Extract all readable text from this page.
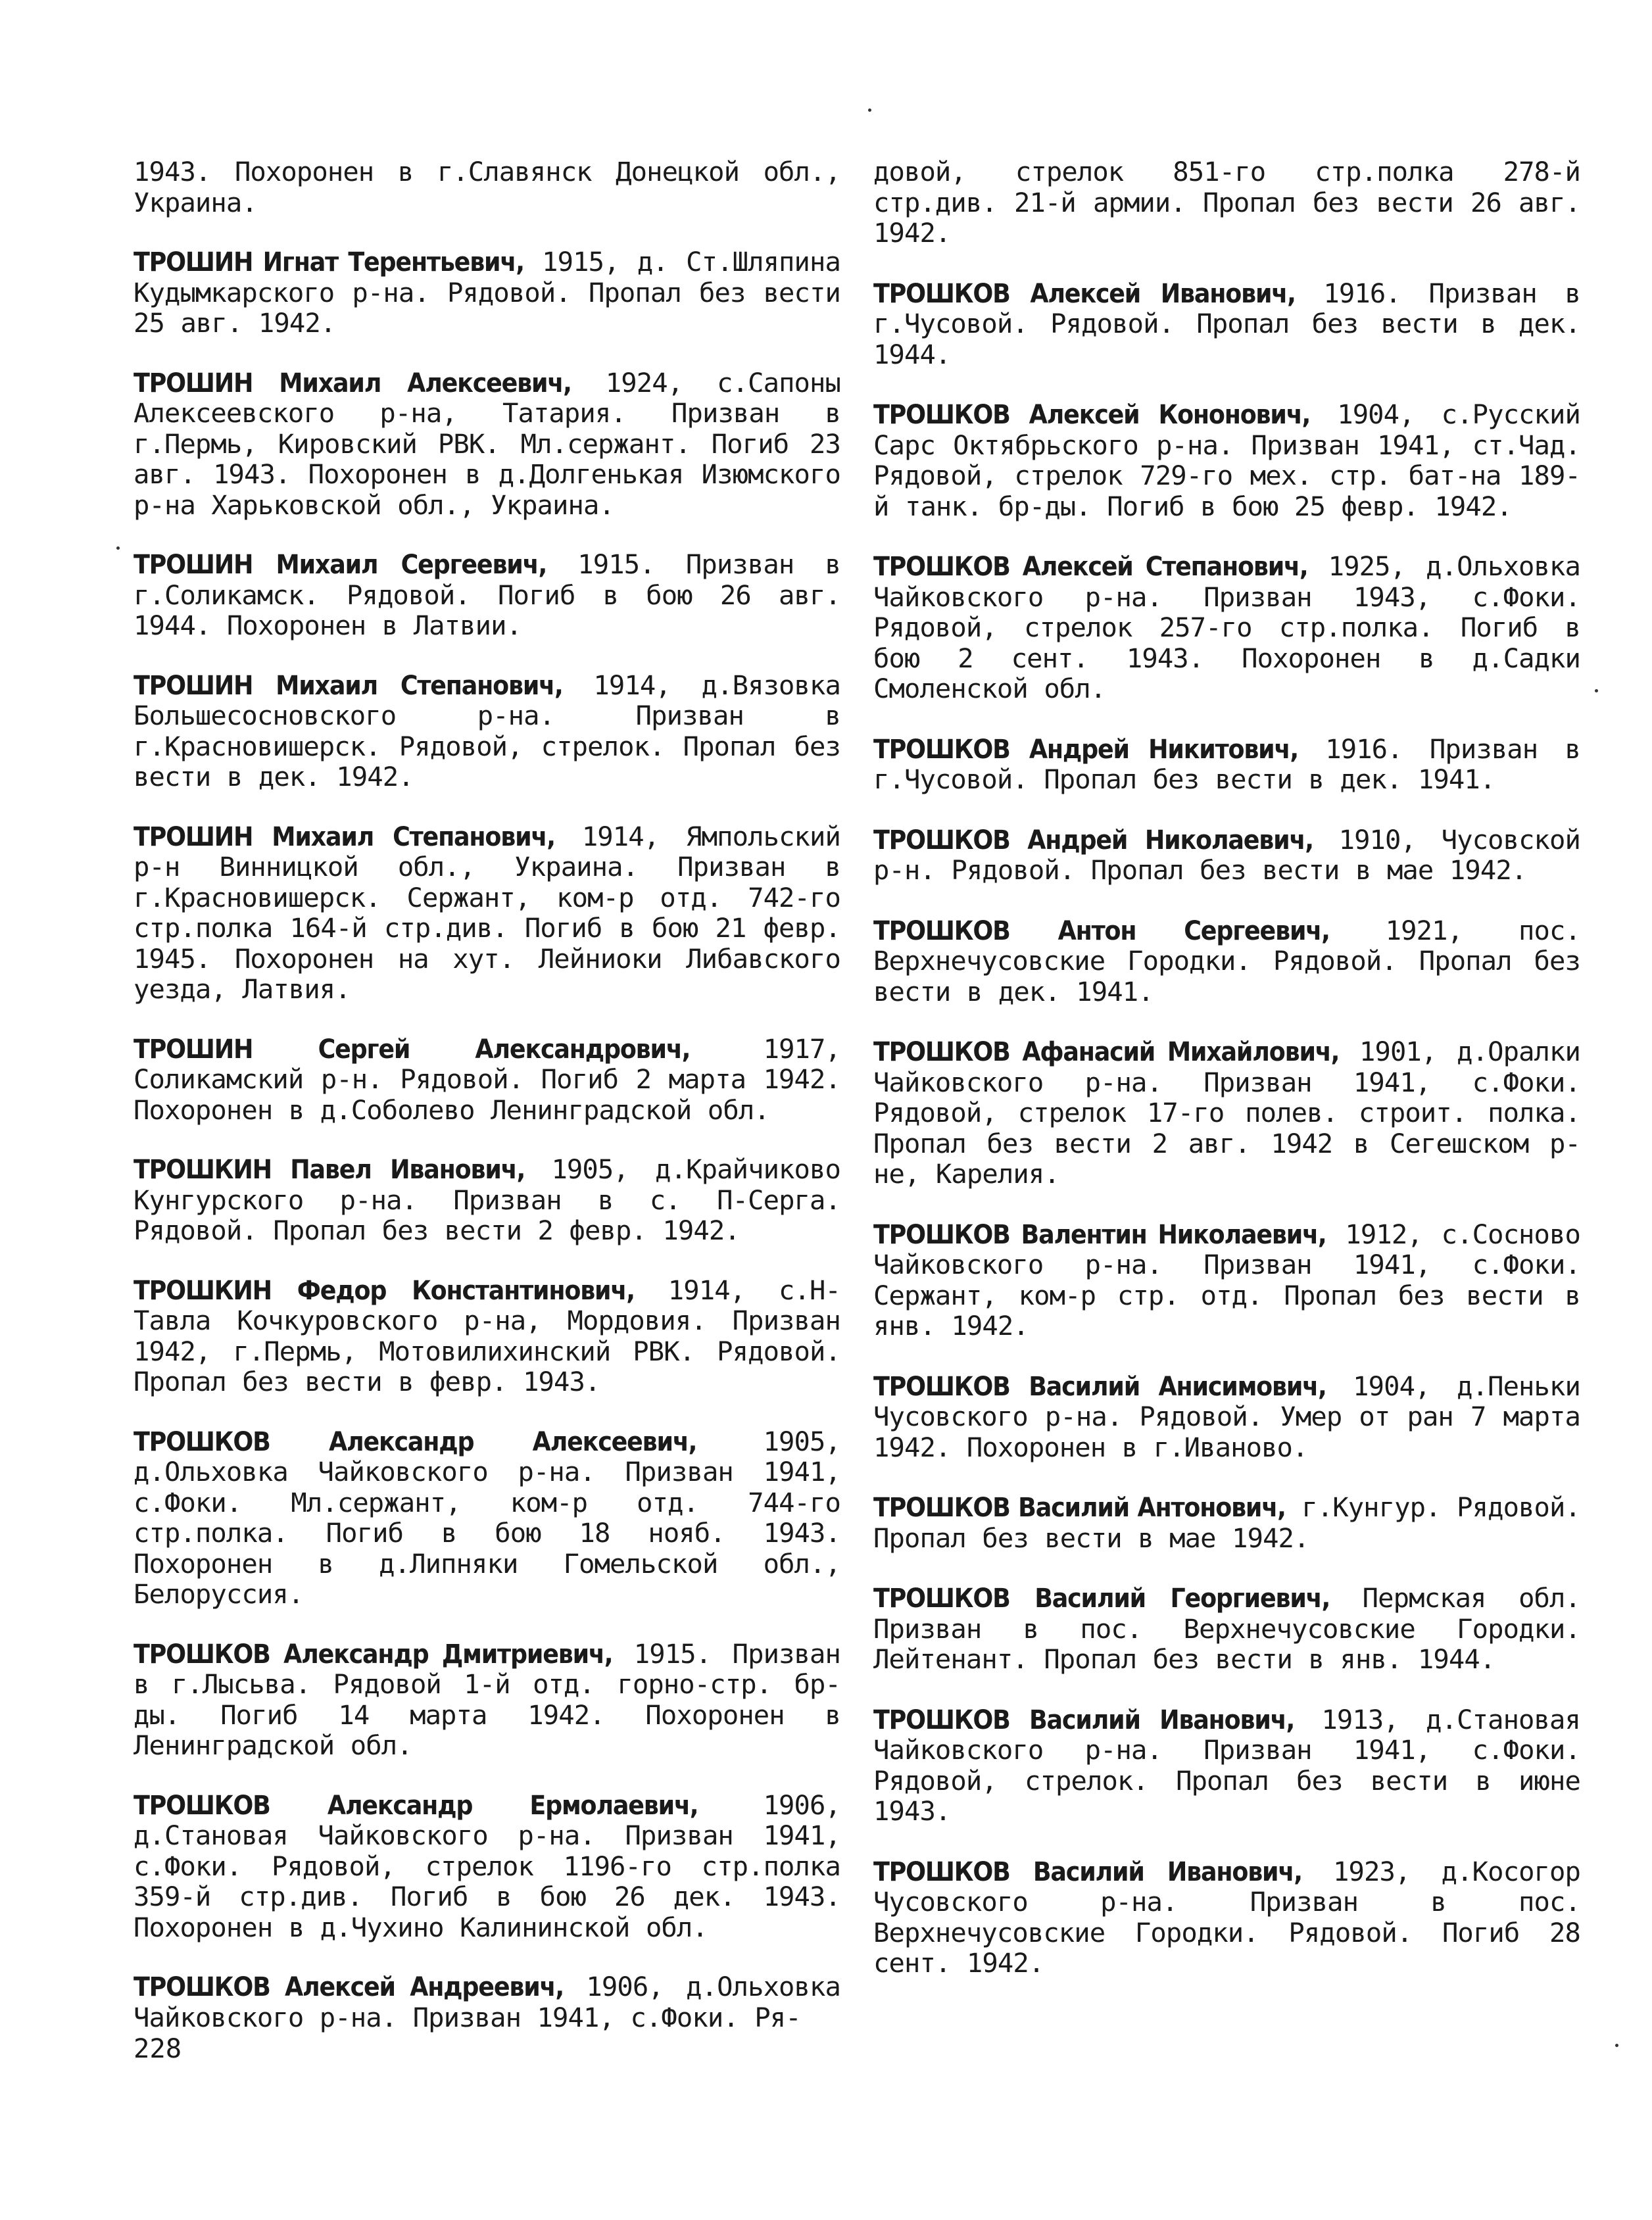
1943. Похоронен в г.Славянск Донецкой обл., Украина.

ТРОШИН Игнат Терентьевич, 1915, д. Ст.Шляпина Кудымкарского р-на. Рядовой. Пропал без вести 25 авг. 1942.

ТРОШИН Михаил Алексеевич, 1924, с.Сапоны Алексеевского р-на, Татария. Призван в г.Пермь, Кировский РВК. Мл.сержант. Погиб 23 авг. 1943. Похоронен в д.Долгенькая Изюмского р-на Харьковской обл., Украина.

ТРОШИН Михаил Сергеевич, 1915. Призван в г.Соликамск. Рядовой. Погиб в бою 26 авг. 1944. Похоронен в Латвии.

ТРОШИН Михаил Степанович, 1914, д.Вязовка Большесосновского р-на. Призван в г.Красновишерск. Рядовой, стрелок. Пропал без вести в дек. 1942.

ТРОШИН Михаил Степанович, 1914, Ямпольский р-н Винницкой обл., Украина. Призван в г.Красновишерск. Сержант, ком-р отд. 742-го стр.полка 164-й стр.див. Погиб в бою 21 февр. 1945. Похоронен на хут. Лейниоки Либавского уезда, Латвия.

ТРОШИН Сергей Александрович, 1917, Соликамский р-н. Рядовой. Погиб 2 марта 1942. Похоронен в д.Соболево Ленинградской обл.

ТРОШКИН Павел Иванович, 1905, д.Крайчиково Кунгурского р-на. Призван в с. П-Серга. Рядовой. Пропал без вести 2 февр. 1942.

ТРОШКИН Федор Константинович, 1914, с.Н-Тавла Кочкуровского р-на, Мордовия. Призван 1942, г.Пермь, Мотовилихинский РВК. Рядовой. Пропал без вести в февр. 1943.

ТРОШКОВ Александр Алексеевич, 1905, д.Ольховка Чайковского р-на. Призван 1941, с.Фоки. Мл.сержант, ком-р отд. 744-го стр.полка. Погиб в бою 18 нояб. 1943. Похоронен в д.Липняки Гомельской обл., Белоруссия.

ТРОШКОВ Александр Дмитриевич, 1915. Призван в г.Лысьва. Рядовой 1-й отд. горно-стр. бр-ды. Погиб 14 марта 1942. Похоронен в Ленинградской обл.

ТРОШКОВ Александр Ермолаевич, 1906, д.Становая Чайковского р-на. Призван 1941, с.Фоки. Рядовой, стрелок 1196-го стр.полка 359-й стр.див. Погиб в бою 26 дек. 1943. Похоронен в д.Чухино Калининской обл.

ТРОШКОВ Алексей Андреевич, 1906, д.Ольховка Чайковского р-на. Призван 1941, с.Фоки. Ря-

довой, стрелок 851-го стр.полка 278-й стр.див. 21-й армии. Пропал без вести 26 авг. 1942.

ТРОШКОВ Алексей Иванович, 1916. Призван в г.Чусовой. Рядовой. Пропал без вести в дек. 1944.

ТРОШКОВ Алексей Кононович, 1904, с.Русский Сарс Октябрьского р-на. Призван 1941, ст.Чад. Рядовой, стрелок 729-го мех. стр. бат-на 189-й танк. бр-ды. Погиб в бою 25 февр. 1942.

ТРОШКОВ Алексей Степанович, 1925, д.Ольховка Чайковского р-на. Призван 1943, с.Фоки. Рядовой, стрелок 257-го стр.полка. Погиб в бою 2 сент. 1943. Похоронен в д.Садки Смоленской обл.

ТРОШКОВ Андрей Никитович, 1916. Призван в г.Чусовой. Пропал без вести в дек. 1941.

ТРОШКОВ Андрей Николаевич, 1910, Чусовской р-н. Рядовой. Пропал без вести в мае 1942.

ТРОШКОВ Антон Сергеевич, 1921, пос. Верхнечусовские Городки. Рядовой. Пропал без вести в дек. 1941.

ТРОШКОВ Афанасий Михайлович, 1901, д.Оралки Чайковского р-на. Призван 1941, с.Фоки. Рядовой, стрелок 17-го полев. строит. полка. Пропал без вести 2 авг. 1942 в Сегешском р-не, Карелия.

ТРОШКОВ Валентин Николаевич, 1912, с.Сосново Чайковского р-на. Призван 1941, с.Фоки. Сержант, ком-р стр. отд. Пропал без вести в янв. 1942.

ТРОШКОВ Василий Анисимович, 1904, д.Пеньки Чусовского р-на. Рядовой. Умер от ран 7 марта 1942. Похоронен в г.Иваново.

ТРОШКОВ Василий Антонович, г.Кунгур. Рядовой. Пропал без вести в мае 1942.

ТРОШКОВ Василий Георгиевич, Пермская обл. Призван в пос. Верхнечусовские Городки. Лейтенант. Пропал без вести в янв. 1944.

ТРОШКОВ Василий Иванович, 1913, д.Становая Чайковского р-на. Призван 1941, с.Фоки. Рядовой, стрелок. Пропал без вести в июне 1943.

ТРОШКОВ Василий Иванович, 1923, д.Косогор Чусовского р-на. Призван в пос. Верхнечусовские Городки. Рядовой. Погиб 28 сент. 1942.

228
